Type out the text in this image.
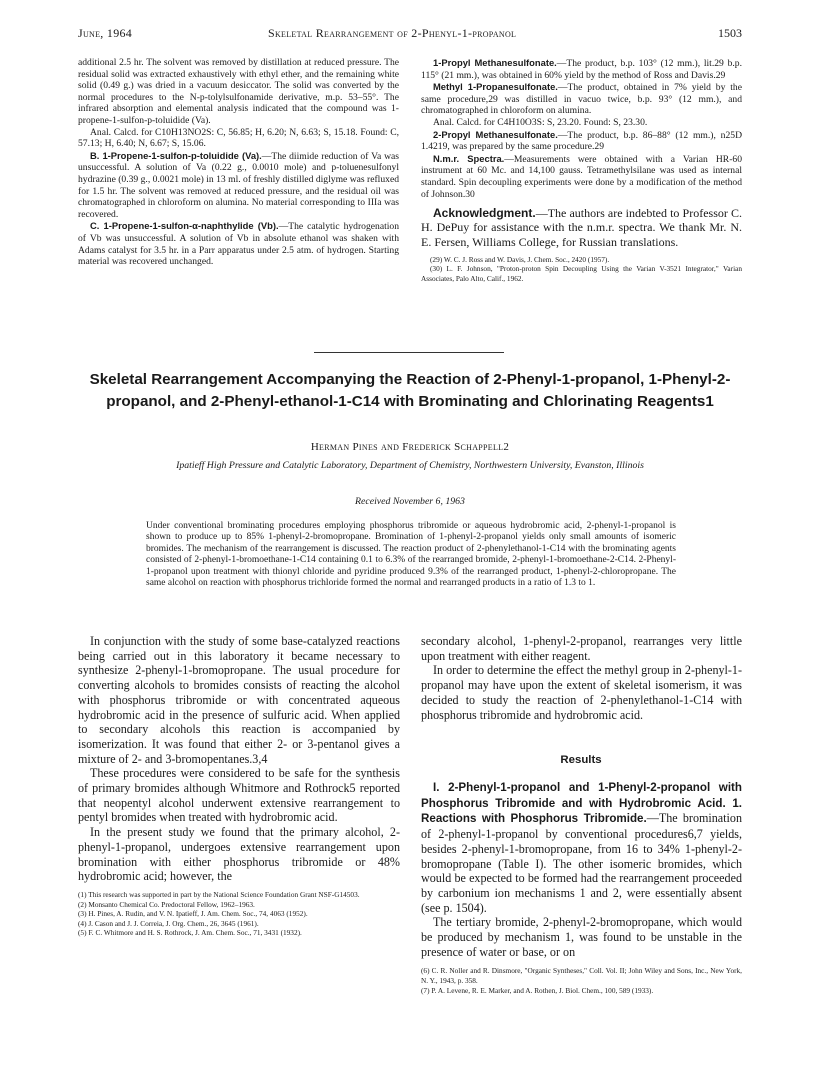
June, 1964	Skeletal Rearrangement of 2-Phenyl-1-propanol	1503

additional 2.5 hr. The solvent was removed by distillation at reduced pressure. The residual solid was extracted exhaustively with ethyl ether, and the remaining white solid (0.49 g.) was dried in a vacuum desiccator. The solid was converted by the normal procedures to the N-p-tolylsulfonamide derivative, m.p. 53–55°. The infrared absorption and elemental analysis indicated that the compound was 1-propene-1-sulfon-p-toluidide (Va).

Anal. Calcd. for C10H13NO2S: C, 56.85; H, 6.20; N, 6.63; S, 15.18. Found: C, 57.13; H, 6.40; N, 6.67; S, 15.06.

B. 1-Propene-1-sulfon-p-toluidide (Va).—The diimide reduction of Va was unsuccessful. A solution of Va (0.22 g., 0.0010 mole) and p-toluenesulfonyl hydrazine (0.39 g., 0.0021 mole) in 13 ml. of freshly distilled diglyme was refluxed for 1.5 hr. The solvent was removed at reduced pressure, and the residual oil was chromatographed in chloroform on alumina. No material corresponding to IIIa was recovered.

C. 1-Propene-1-sulfon-α-naphthylide (Vb).—The catalytic hydrogenation of Vb was unsuccessful. A solution of Vb in absolute ethanol was shaken with Adams catalyst for 3.5 hr. in a Parr apparatus under 2.5 atm. of hydrogen. Starting material was recovered unchanged.

1-Propyl Methanesulfonate.—The product, b.p. 103° (12 mm.), lit.29 b.p. 115° (21 mm.), was obtained in 60% yield by the method of Ross and Davis.29

Methyl 1-Propanesulfonate.—The product, obtained in 7% yield by the same procedure,29 was distilled in vacuo twice, b.p. 93° (12 mm.), and chromatographed in chloroform on alumina.

Anal. Calcd. for C4H10O3S: S, 23.20. Found: S, 23.30.

2-Propyl Methanesulfonate.—The product, b.p. 86–88° (12 mm.), n25D 1.4219, was prepared by the same procedure.29

N.m.r. Spectra.—Measurements were obtained with a Varian HR-60 instrument at 60 Mc. and 14,100 gauss. Tetramethylsilane was used as internal standard. Spin decoupling experiments were done by a modification of the method of Johnson.30

Acknowledgment.—The authors are indebted to Professor C. H. DePuy for assistance with the n.m.r. spectra. We thank Mr. N. E. Fersen, Williams College, for Russian translations.

(29) W. C. J. Ross and W. Davis, J. Chem. Soc., 2420 (1957).

(30) L. F. Johnson, "Proton-proton Spin Decoupling Using the Varian V-3521 Integrator," Varian Associates, Palo Alto, Calif., 1962.

Skeletal Rearrangement Accompanying the Reaction of 2-Phenyl-1-propanol, 1-Phenyl-2-propanol, and 2-Phenyl-ethanol-1-C14 with Brominating and Chlorinating Reagents1
Herman Pines and Frederick Schappell2
Ipatieff High Pressure and Catalytic Laboratory, Department of Chemistry, Northwestern University, Evanston, Illinois
Received November 6, 1963
Under conventional brominating procedures employing phosphorus tribromide or aqueous hydrobromic acid, 2-phenyl-1-propanol is shown to produce up to 85% 1-phenyl-2-bromopropane. Bromination of 1-phenyl-2-propanol yields only small amounts of isomeric bromides. The mechanism of the rearrangement is discussed. The reaction product of 2-phenylethanol-1-C14 with the brominating agents consisted of 2-phenyl-1-bromoethane-1-C14 containing 0.1 to 6.3% of the rearranged bromide, 2-phenyl-1-bromoethane-2-C14. 2-Phenyl-1-propanol upon treatment with thionyl chloride and pyridine produced 9.3% of the rearranged product, 1-phenyl-2-chloropropane. The same alcohol on reaction with phosphorus trichloride formed the normal and rearranged products in a ratio of 1.3 to 1.

In conjunction with the study of some base-catalyzed reactions being carried out in this laboratory it became necessary to synthesize 2-phenyl-1-bromopropane. The usual procedure for converting alcohols to bromides consists of reacting the alcohol with phosphorus tribromide or with concentrated aqueous hydrobromic acid in the presence of sulfuric acid. When applied to secondary alcohols this reaction is accompanied by isomerization. It was found that either 2- or 3-pentanol gives a mixture of 2- and 3-bromopentanes.3,4

These procedures were considered to be safe for the synthesis of primary bromides although Whitmore and Rothrock5 reported that neopentyl alcohol underwent extensive rearrangement to pentyl bromides when treated with hydrobromic acid.

In the present study we found that the primary alcohol, 2-phenyl-1-propanol, undergoes extensive rearrangement upon bromination with either phosphorus tribromide or 48% hydrobromic acid; however, the

(1) This research was supported in part by the National Science Foundation Grant NSF-G14503.

(2) Monsanto Chemical Co. Predoctoral Fellow, 1962–1963.

(3) H. Pines, A. Rudin, and V. N. Ipatieff, J. Am. Chem. Soc., 74, 4063 (1952).

(4) J. Cason and J. J. Correia, J. Org. Chem., 26, 3645 (1961).

(5) F. C. Whitmore and H. S. Rothrock, J. Am. Chem. Soc., 71, 3431 (1932).

secondary alcohol, 1-phenyl-2-propanol, rearranges very little upon treatment with either reagent.

In order to determine the effect the methyl group in 2-phenyl-1-propanol may have upon the extent of skeletal isomerism, it was decided to study the reaction of 2-phenylethanol-1-C14 with phosphorus tribromide and hydrobromic acid.

Results

I. 2-Phenyl-1-propanol and 1-Phenyl-2-propanol with Phosphorus Tribromide and with Hydrobromic Acid. 1. Reactions with Phosphorus Tribromide.—The bromination of 2-phenyl-1-propanol by conventional procedures6,7 yields, besides 2-phenyl-1-bromopropane, from 16 to 34% 1-phenyl-2-bromopropane (Table I). The other isomeric bromides, which would be expected to be formed had the rearrangement proceeded by carbonium ion mechanisms 1 and 2, were essentially absent (see p. 1504).

The tertiary bromide, 2-phenyl-2-bromopropane, which would be produced by mechanism 1, was found to be unstable in the presence of water or base, or on

(6) C. R. Noller and R. Dinsmore, "Organic Syntheses," Coll. Vol. II; John Wiley and Sons, Inc., New York, N. Y., 1943, p. 358.

(7) P. A. Levene, R. E. Marker, and A. Rothen, J. Biol. Chem., 100, 589 (1933).
